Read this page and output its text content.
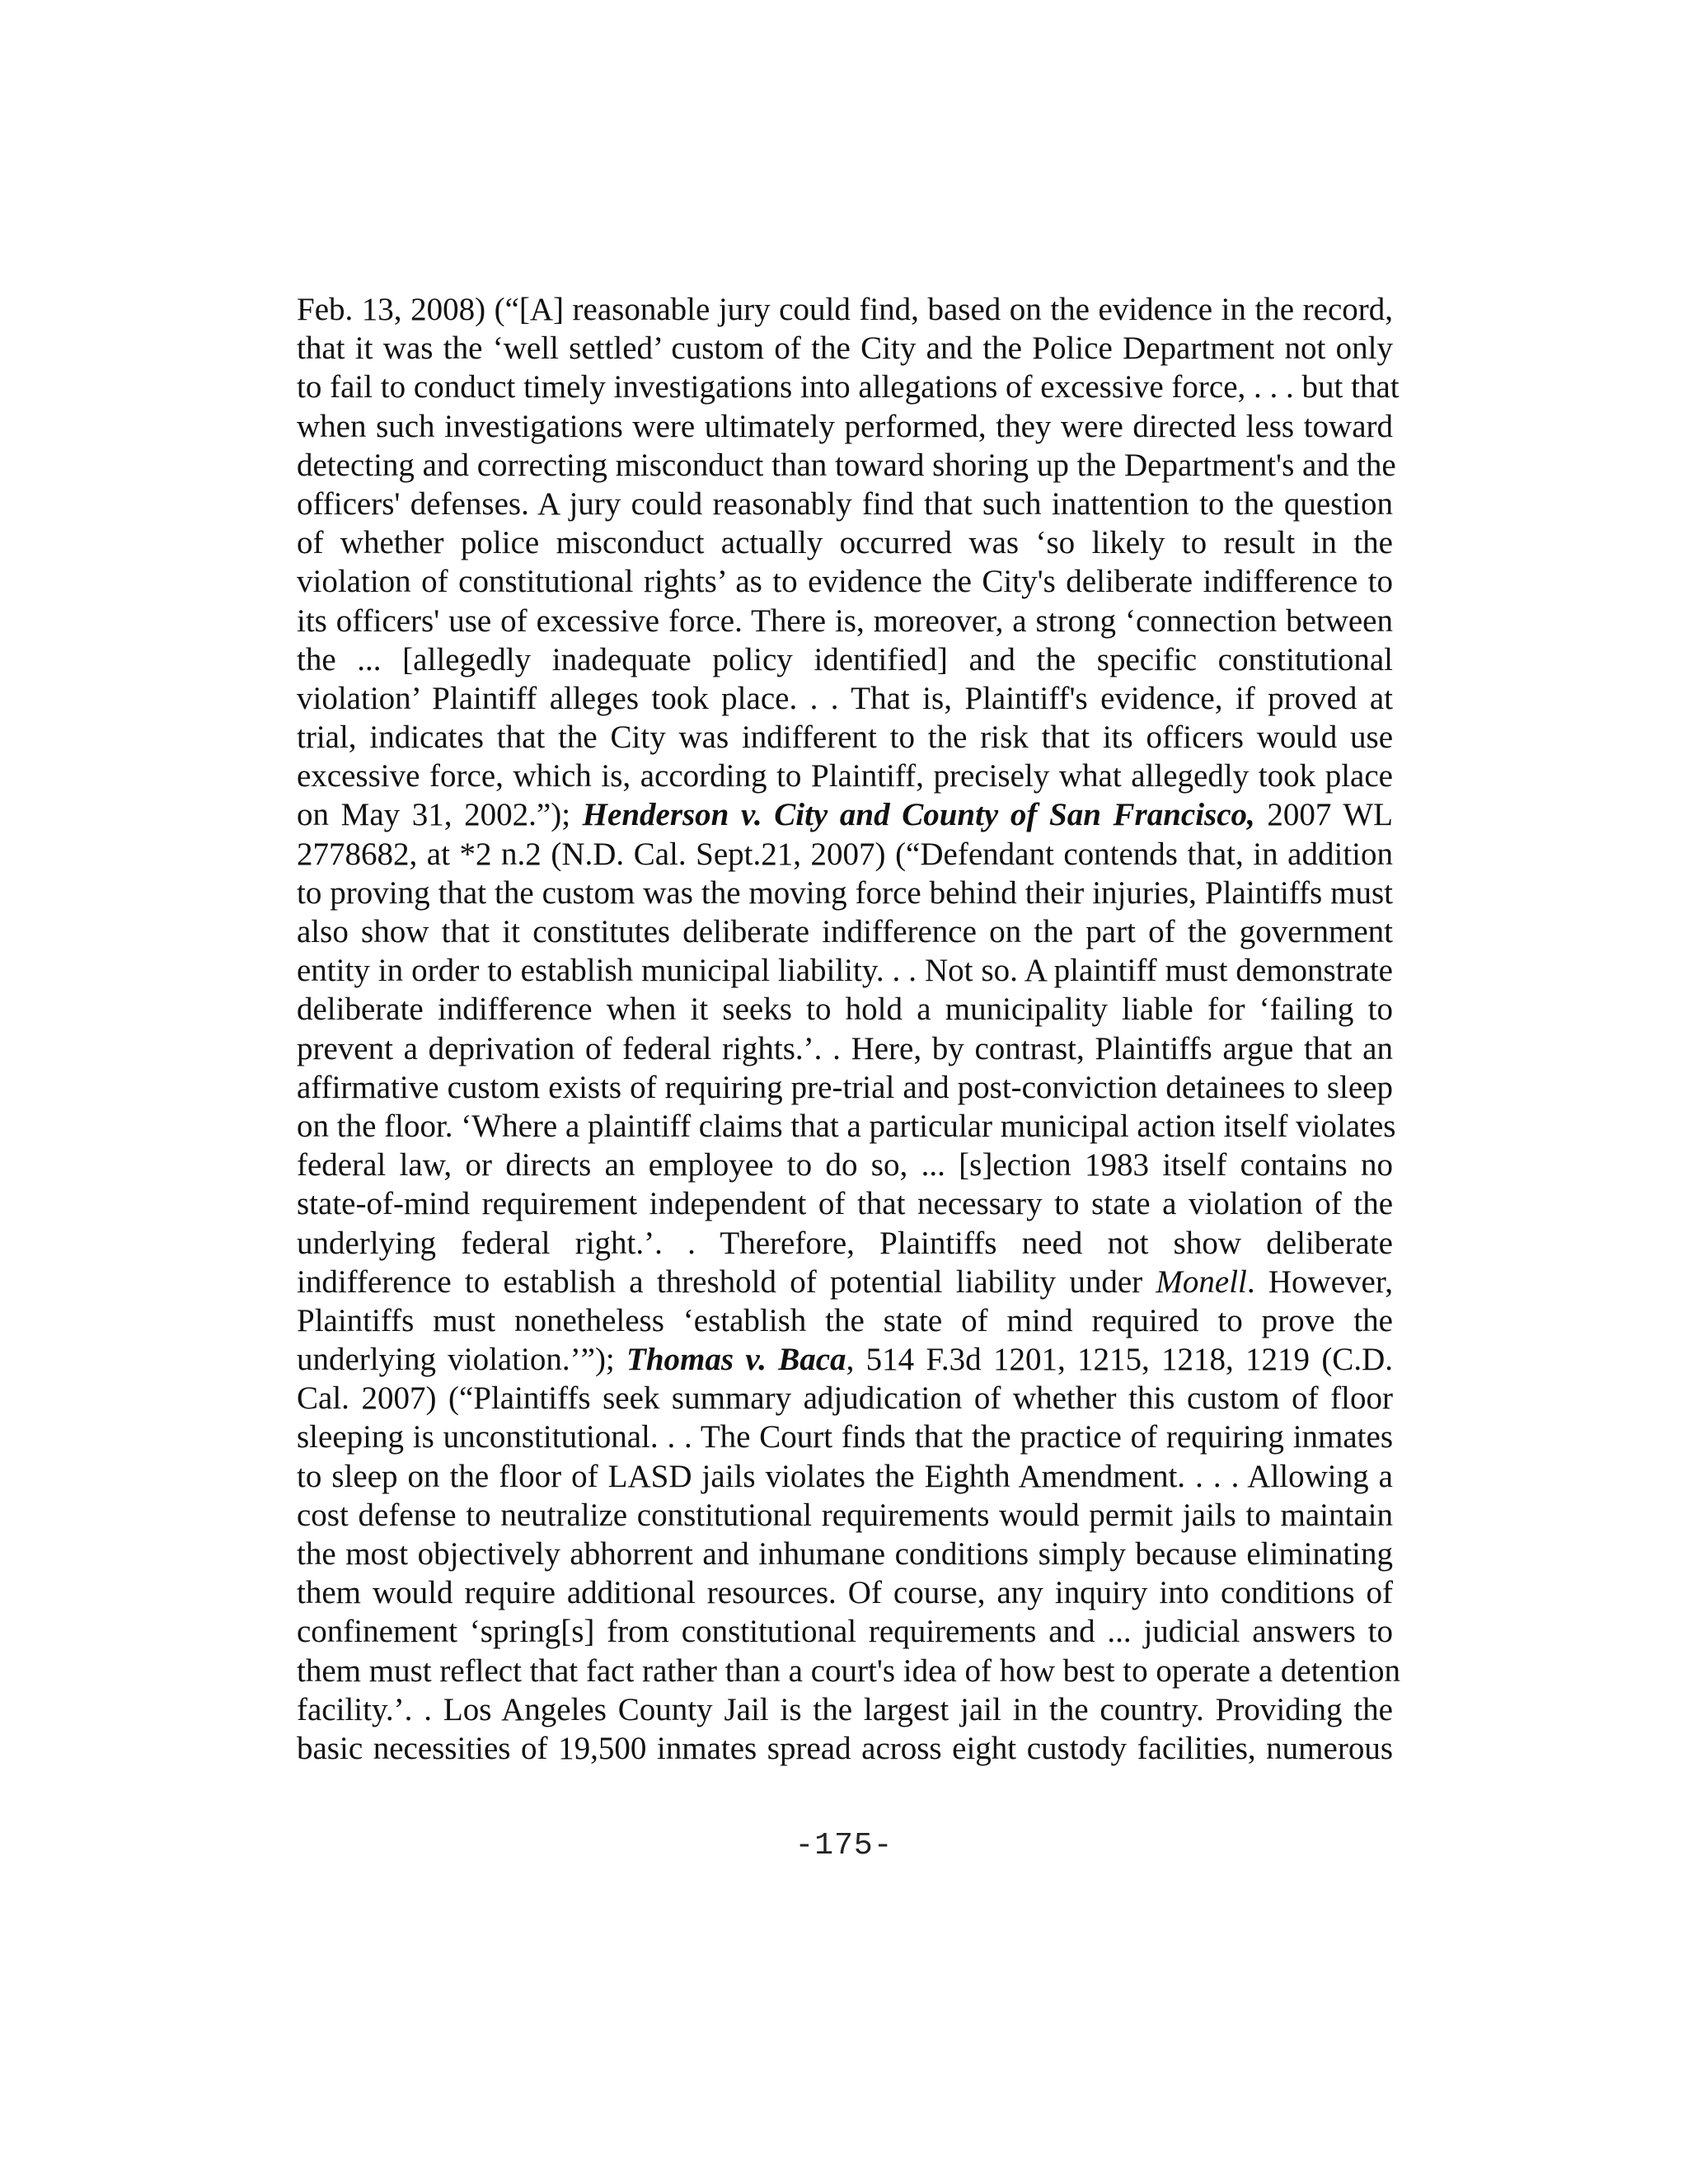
Feb. 13, 2008) (“[A] reasonable jury could find, based on the evidence in the record,
that it was the ‘well settled’ custom of the City and the Police Department not only
to fail to conduct timely investigations into allegations of excessive force, . . . but that
when such investigations were ultimately performed, they were directed less toward
detecting and correcting misconduct than toward shoring up the Department's and the
officers' defenses. A jury could reasonably find that such inattention to the question
of whether police misconduct actually occurred was ‘so likely to result in the
violation of constitutional rights’ as to evidence the City's deliberate indifference to
its officers' use of excessive force. There is, moreover, a strong ‘connection between
the ... [allegedly inadequate policy identified] and the specific constitutional
violation’ Plaintiff alleges took place. . . That is, Plaintiff's evidence, if proved at
trial, indicates that the City was indifferent to the risk that its officers would use
excessive force, which is, according to Plaintiff, precisely what allegedly took place
on May 31, 2002.”); Henderson v. City and County of San Francisco, 2007 WL
2778682, at *2 n.2 (N.D. Cal. Sept.21, 2007) (“Defendant contends that, in addition
to proving that the custom was the moving force behind their injuries, Plaintiffs must
also show that it constitutes deliberate indifference on the part of the government
entity in order to establish municipal liability. . . Not so. A plaintiff must demonstrate
deliberate indifference when it seeks to hold a municipality liable for ‘failing to
prevent a deprivation of federal rights.’. . Here, by contrast, Plaintiffs argue that an
affirmative custom exists of requiring pre-trial and post-conviction detainees to sleep
on the floor. ‘Where a plaintiff claims that a particular municipal action itself violates
federal law, or directs an employee to do so, ... [s]ection 1983 itself contains no
state-of-mind requirement independent of that necessary to state a violation of the
underlying federal right.’. . Therefore, Plaintiffs need not show deliberate
indifference to establish a threshold of potential liability under Monell. However,
Plaintiffs must nonetheless ‘establish the state of mind required to prove the
underlying violation.’”); Thomas v. Baca, 514 F.3d 1201, 1215, 1218, 1219 (C.D.
Cal. 2007) (“Plaintiffs seek summary adjudication of whether this custom of floor
sleeping is unconstitutional. . . The Court finds that the practice of requiring inmates
to sleep on the floor of LASD jails violates the Eighth Amendment. . . . Allowing a
cost defense to neutralize constitutional requirements would permit jails to maintain
the most objectively abhorrent and inhumane conditions simply because eliminating
them would require additional resources. Of course, any inquiry into conditions of
confinement ‘spring[s] from constitutional requirements and ... judicial answers to
them must reflect that fact rather than a court's idea of how best to operate a detention
facility.’. . Los Angeles County Jail is the largest jail in the country. Providing the
basic necessities of 19,500 inmates spread across eight custody facilities, numerous
-175-
